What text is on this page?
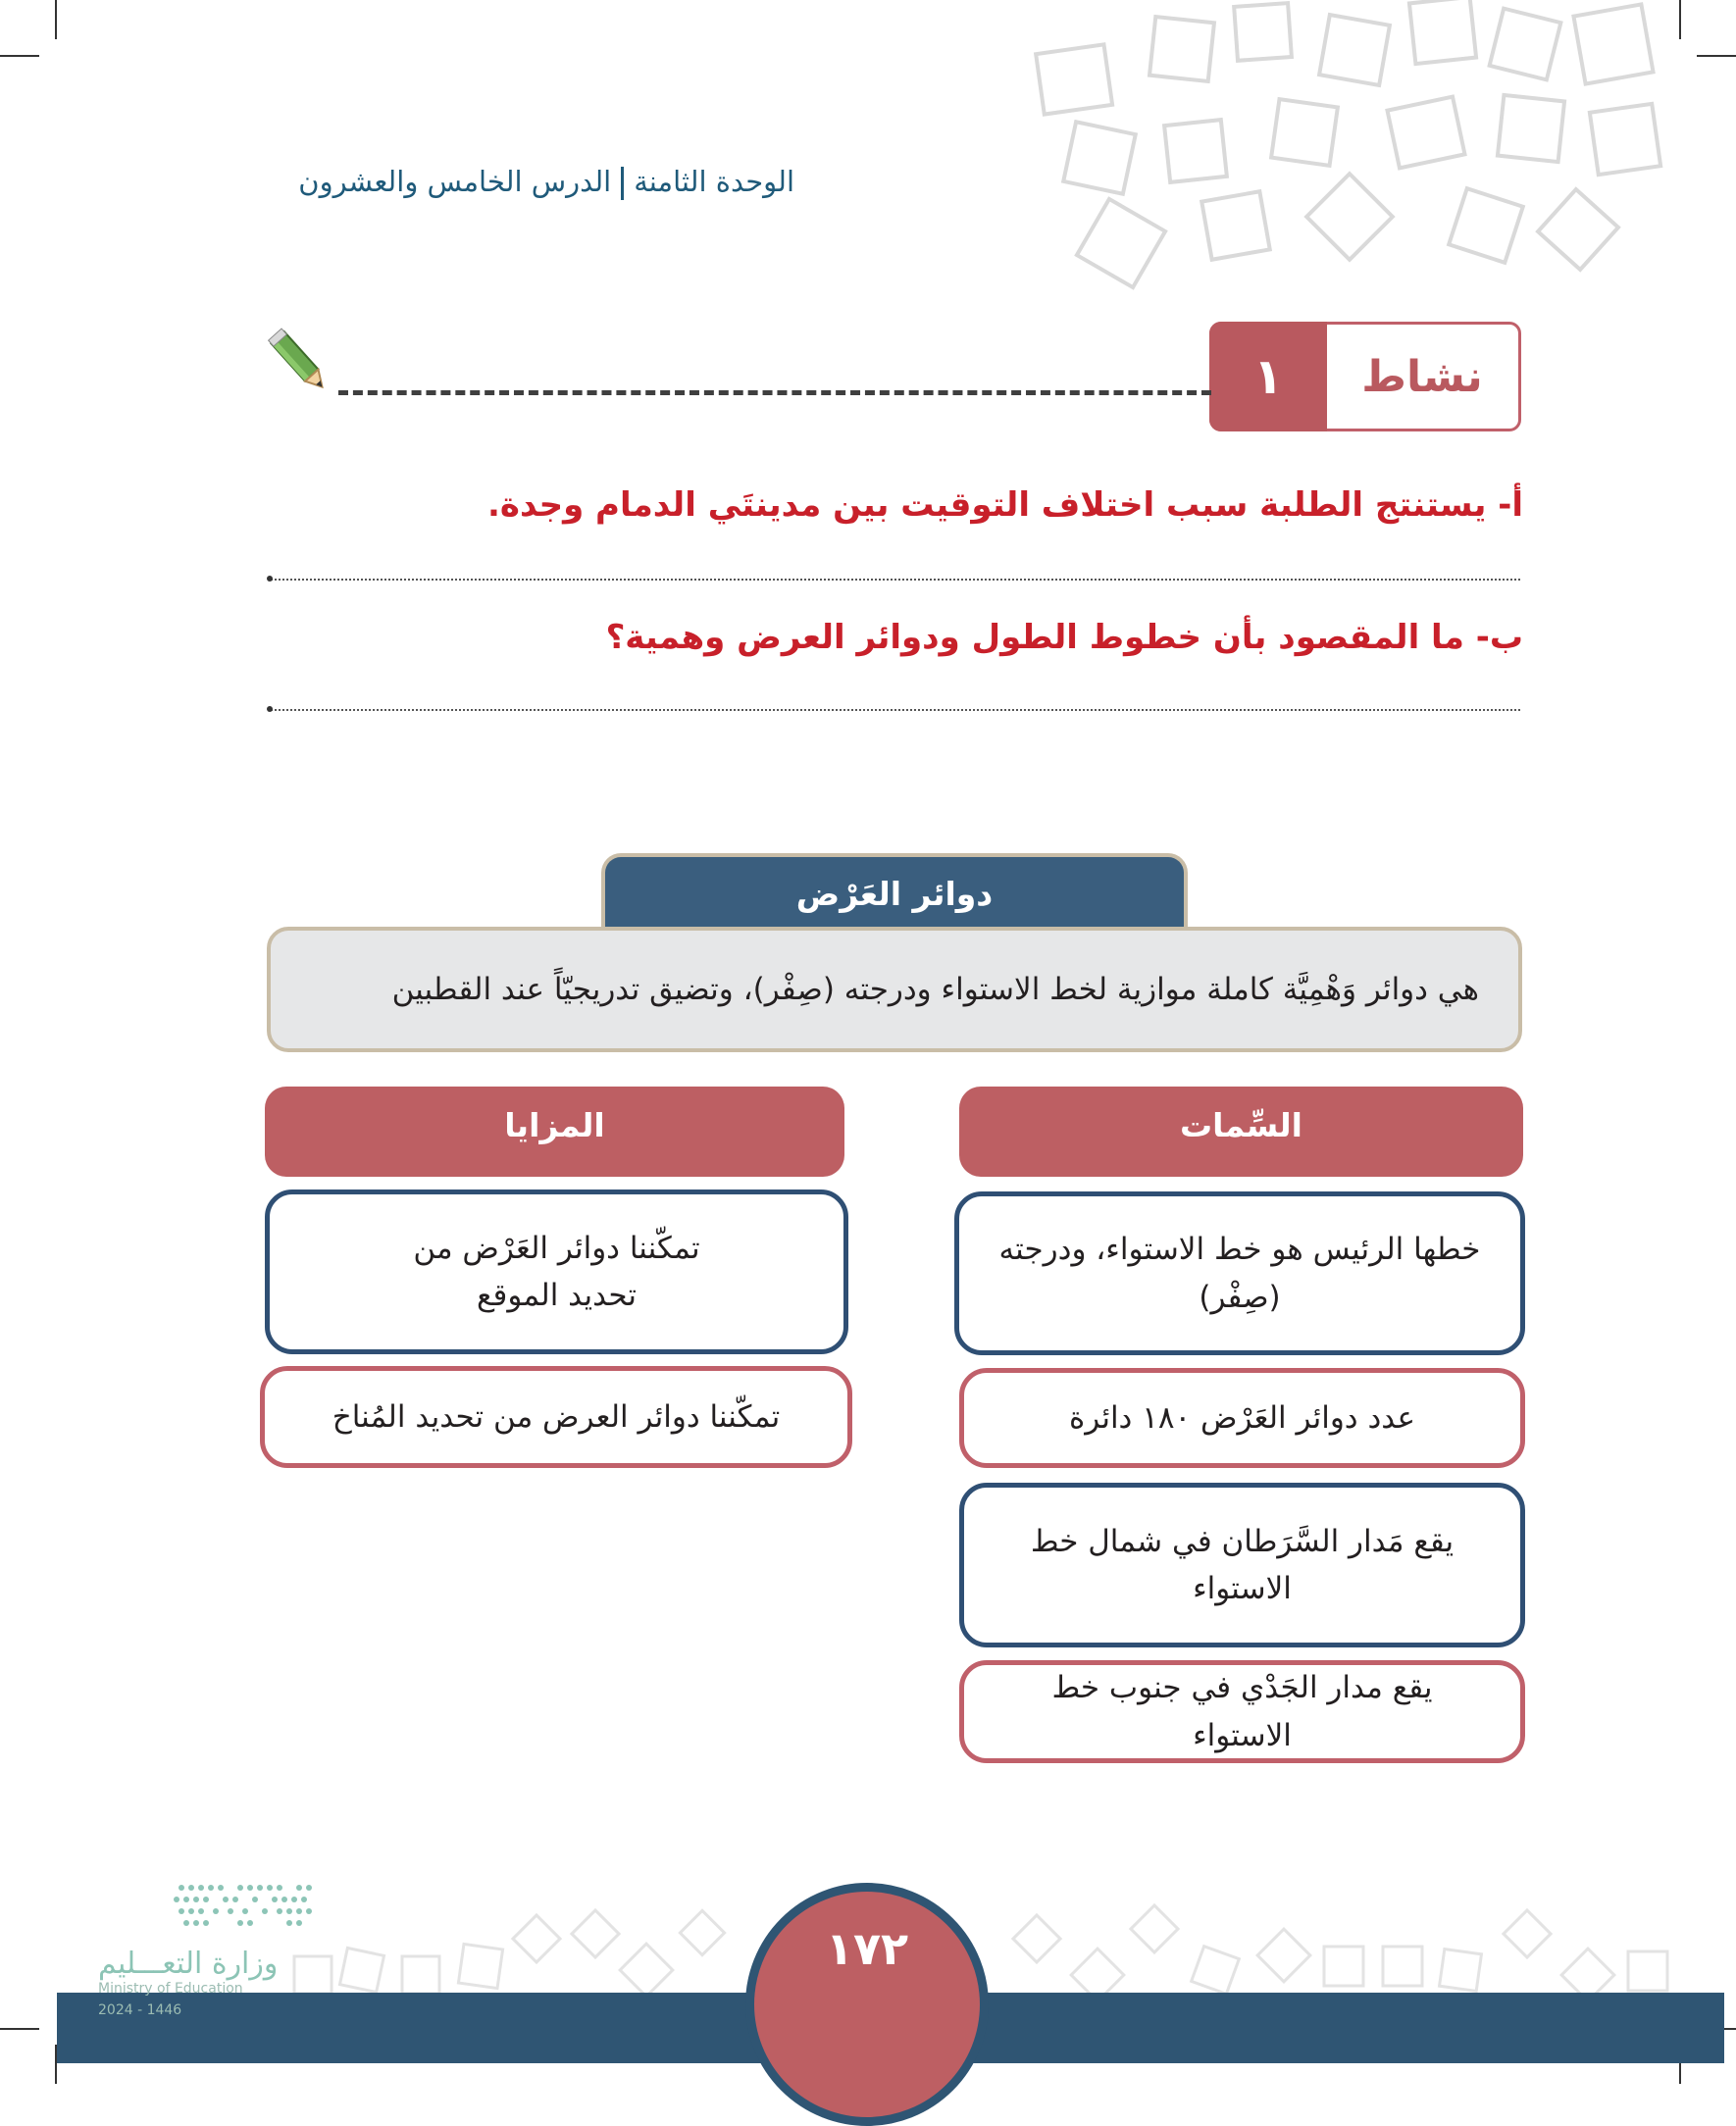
الوحدة الثامنةالدرس الخامس والعشرون
١	نشاط
أ- يستنتج الطلبة سبب اختلاف التوقيت بين مدينتَي الدمام وجدة.
ب- ما المقصود بأن خطوط الطول ودوائر العرض وهمية؟
دوائر العَرْض
هي دوائر وَهْمِيَّة كاملة موازية لخط الاستواء ودرجته (صِفْر)، وتضيق تدريجيّاً عند القطبين
السِّمات
المزايا
خطها الرئيس هو خط الاستواء، ودرجته (صِفْر)
عدد دوائر العَرْض ١٨٠ دائرة
يقع مَدار السَّرَطان في شمال خط الاستواء
يقع مدار الجَدْي في جنوب خط الاستواء
تمكّننا دوائر العَرْض من تحديد الموقع
تمكّننا دوائر العرض من تحديد المُناخ
١٧٢
وزارة التعـــليم
Ministry of Education
2024 - 1446
